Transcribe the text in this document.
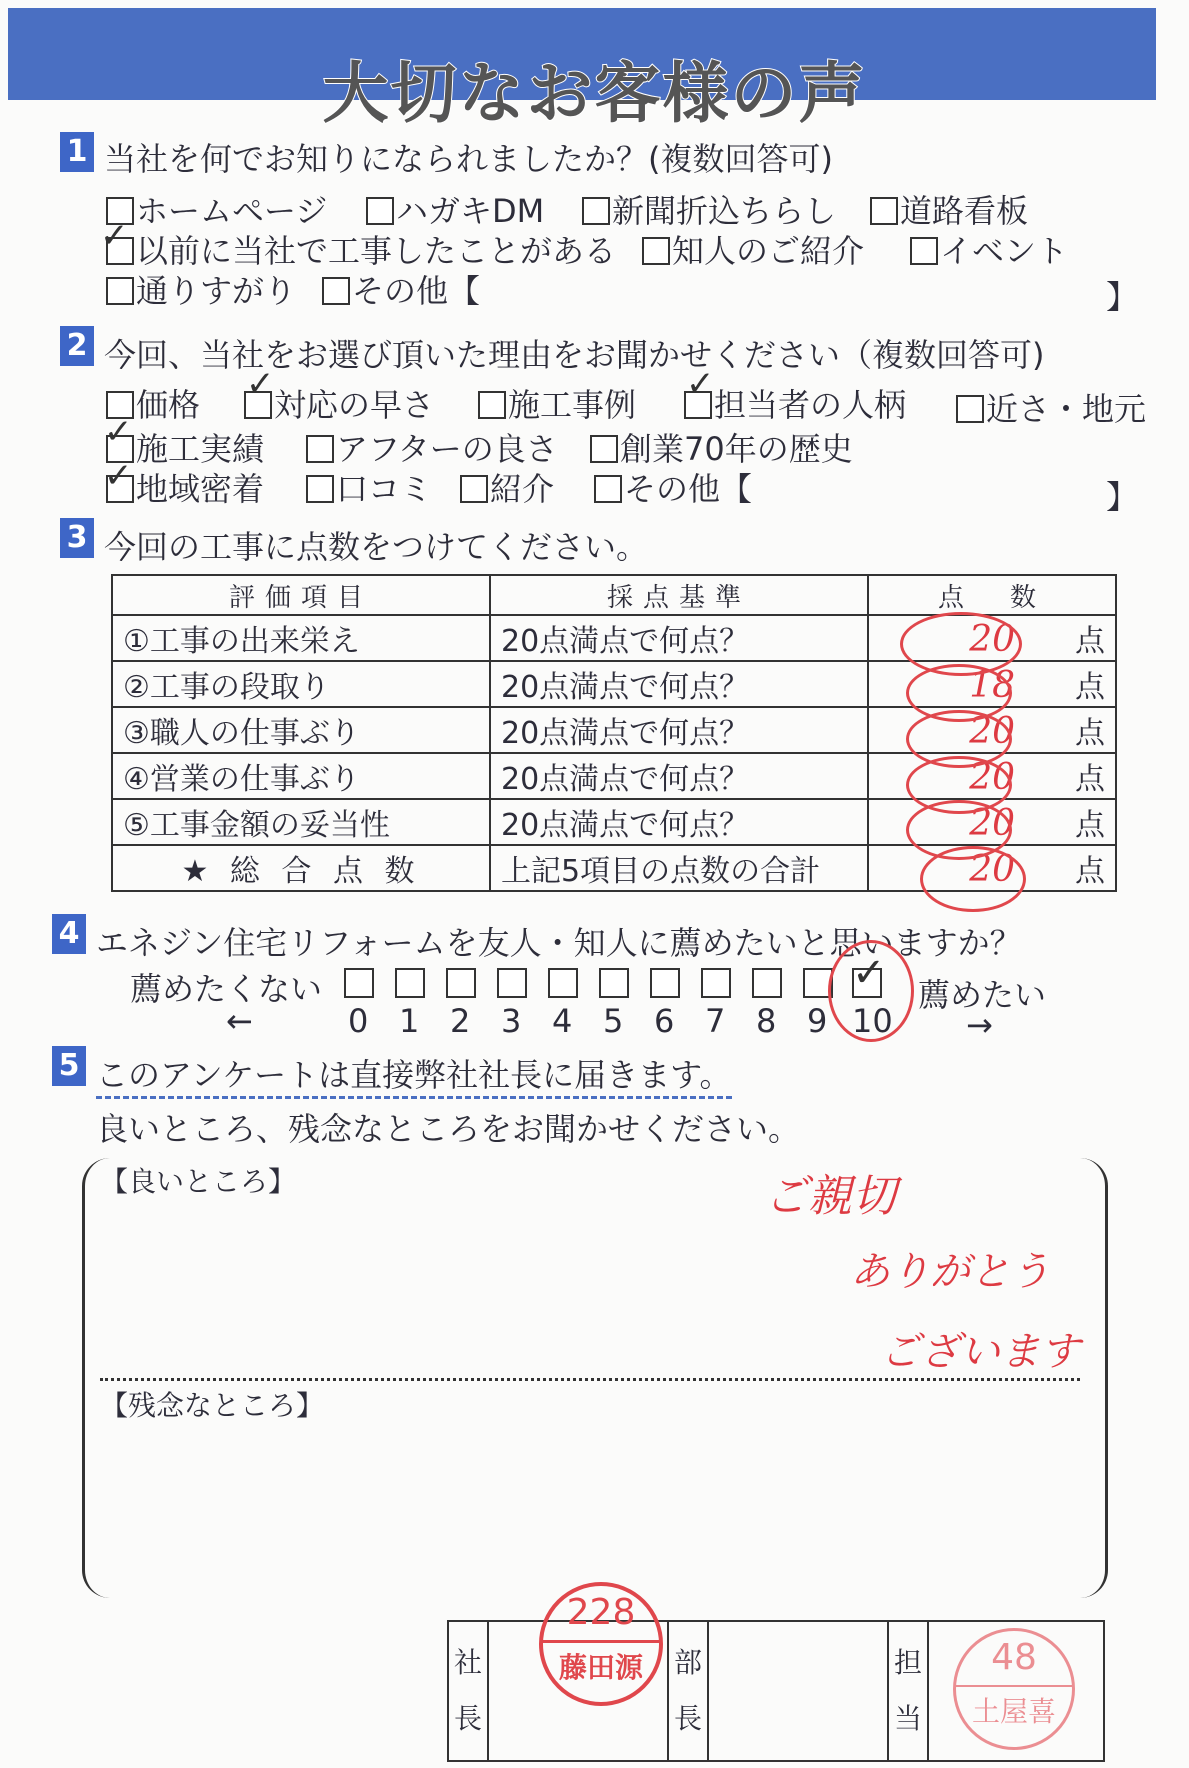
大切なお客様の声
1 当社を何でお知りになられましたか？(複数回答可)
ホームページ	ハガキDM	新聞折込ちらし	道路看板
以前に当社で工事したことがある
✓	知人のご紹介	イベント
通りすがり	その他【	】
2 今回、当社をお選び頂いた理由をお聞かせください（複数回答可)
価格	対応の早さ
✓
施工事例	担当者の人柄
✓
近さ・地元
施工実績
✓	アフターの良さ	創業70年の歴史
地域密着
✓	口コミ	紹介	その他【	】
3 今回の工事に点数をつけてください。
評価項目	採点基準	点　数
①工事の出来栄え	20点満点で何点？	20 点
②工事の段取り	20点満点で何点？	18 点
③職人の仕事ぶり	20点満点で何点？	20 点
④営業の仕事ぶり	20点満点で何点？	20 点
⑤工事金額の妥当性	20点満点で何点？	20 点
★ 総 合 点 数	上記5項目の点数の合計	20 点
4 エネジン住宅リフォームを友人・知人に薦めたいと思いますか？
薦めたくない	薦めたい
←	→
0 1 2 3 4 5 6 7 8 9 10
✓
5 このアンケートは直接弊社社長に届きます。
良いところ、残念なところをお聞かせください。
【良いところ】
【残念なところ】
ご親切
ありがとう
ございます
社
長	
228
藤田源	部
長		担
当	
48
土屋喜
